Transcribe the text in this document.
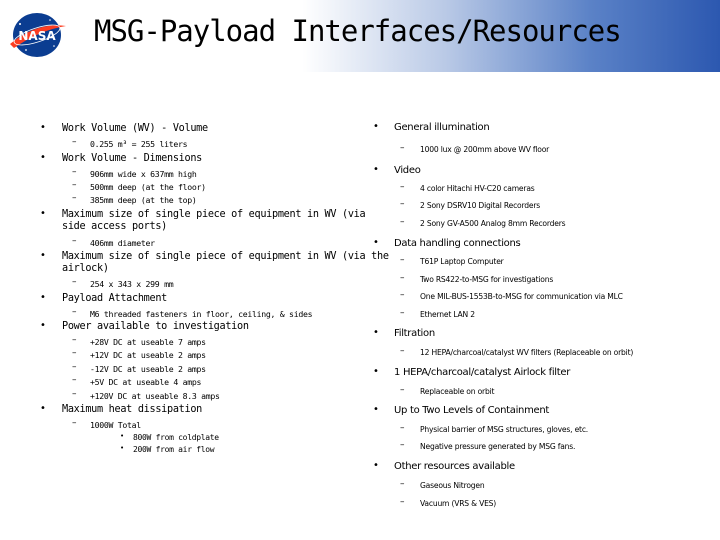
NASA MSG-Payload Interfaces/Resources
• Work Volume (WV) - Volume
– 0.255 m³ = 255 liters
• Work Volume - Dimensions
– 906mm wide x 637mm high
– 500mm deep (at the floor)
– 385mm deep (at the top)
• Maximum size of single piece of equipment in WV (via
side access ports)
– 406mm diameter
• Maximum size of single piece of equipment in WV (via the
airlock)
– 254 x 343 x 299 mm
• Payload Attachment
– M6 threaded fasteners in floor, ceiling, & sides
• Power available to investigation
– +28V DC at useable 7 amps
– +12V DC at useable 2 amps
– -12V DC at useable 2 amps
– +5V DC at useable 4 amps
– +120V DC at useable 8.3 amps
• Maximum heat dissipation
– 1000W Total
• 800W from coldplate
• 200W from air flow
• General illumination
– 1000 lux @ 200mm above WV floor
• Video
– 4 color Hitachi HV-C20 cameras
– 2 Sony DSRV10 Digital Recorders
– 2 Sony GV-A500 Analog 8mm Recorders
• Data handling connections
– T61P Laptop Computer
– Two RS422-to-MSG for investigations
– One MIL-BUS-1553B-to-MSG for communication via MLC
– Ethernet LAN 2
• Filtration
– 12 HEPA/charcoal/catalyst WV filters (Replaceable on orbit)
• 1 HEPA/charcoal/catalyst Airlock filter
– Replaceable on orbit
• Up to Two Levels of Containment
– Physical barrier of MSG structures, gloves, etc.
– Negative pressure generated by MSG fans.
• Other resources available
– Gaseous Nitrogen
– Vacuum (VRS & VES)
